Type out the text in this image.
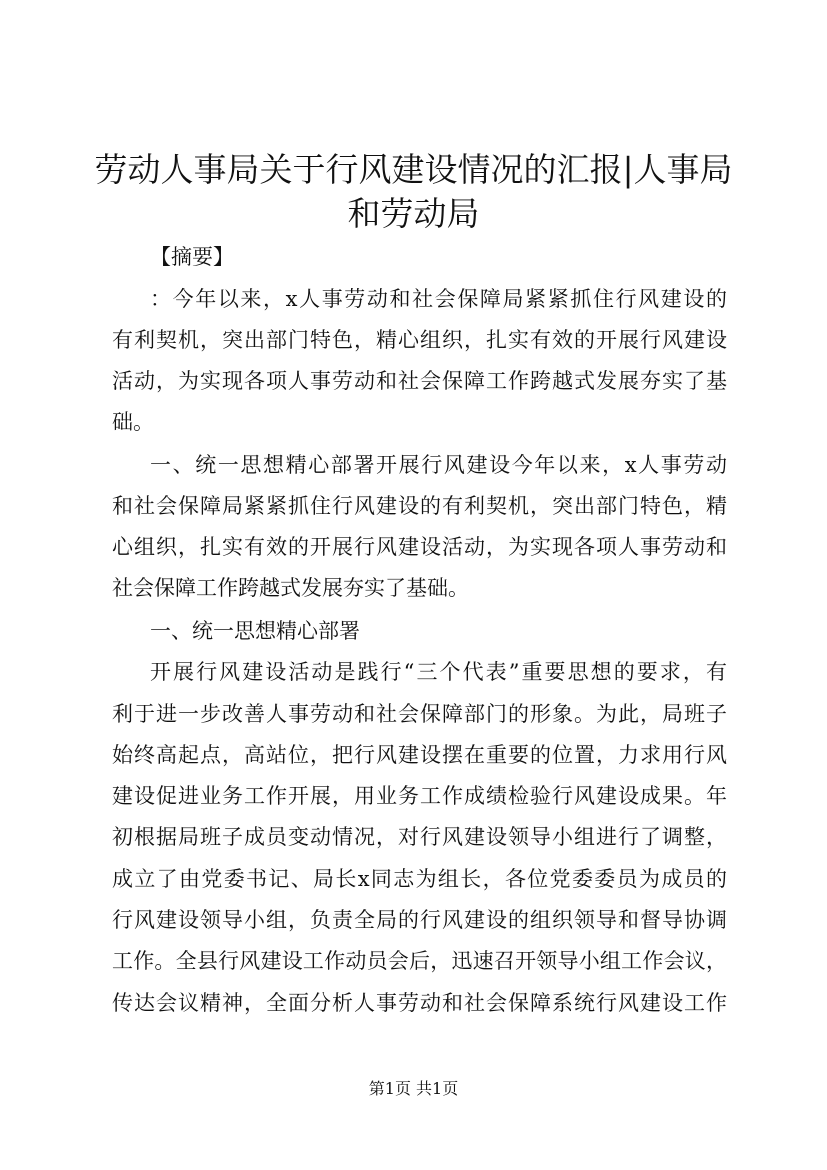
劳动人事局关于行风建设情况的汇报|人事局
和劳动局
【摘要】
：今年以来，x人事劳动和社会保障局紧紧抓住行风建设的
有利契机，突出部门特色，精心组织，扎实有效的开展行风建设
活动，为实现各项人事劳动和社会保障工作跨越式发展夯实了基
础。
一、统一思想精心部署开展行风建设今年以来，x人事劳动
和社会保障局紧紧抓住行风建设的有利契机，突出部门特色，精
心组织，扎实有效的开展行风建设活动，为实现各项人事劳动和
社会保障工作跨越式发展夯实了基础。
一、统一思想精心部署
开展行风建设活动是践行“三个代表”重要思想的要求，有
利于进一步改善人事劳动和社会保障部门的形象。为此，局班子
始终高起点，高站位，把行风建设摆在重要的位置，力求用行风
建设促进业务工作开展，用业务工作成绩检验行风建设成果。年
初根据局班子成员变动情况，对行风建设领导小组进行了调整，
成立了由党委书记、局长x同志为组长，各位党委委员为成员的
行风建设领导小组，负责全局的行风建设的组织领导和督导协调
工作。全县行风建设工作动员会后，迅速召开领导小组工作会议，
传达会议精神，全面分析人事劳动和社会保障系统行风建设工作
第1页 共1页
